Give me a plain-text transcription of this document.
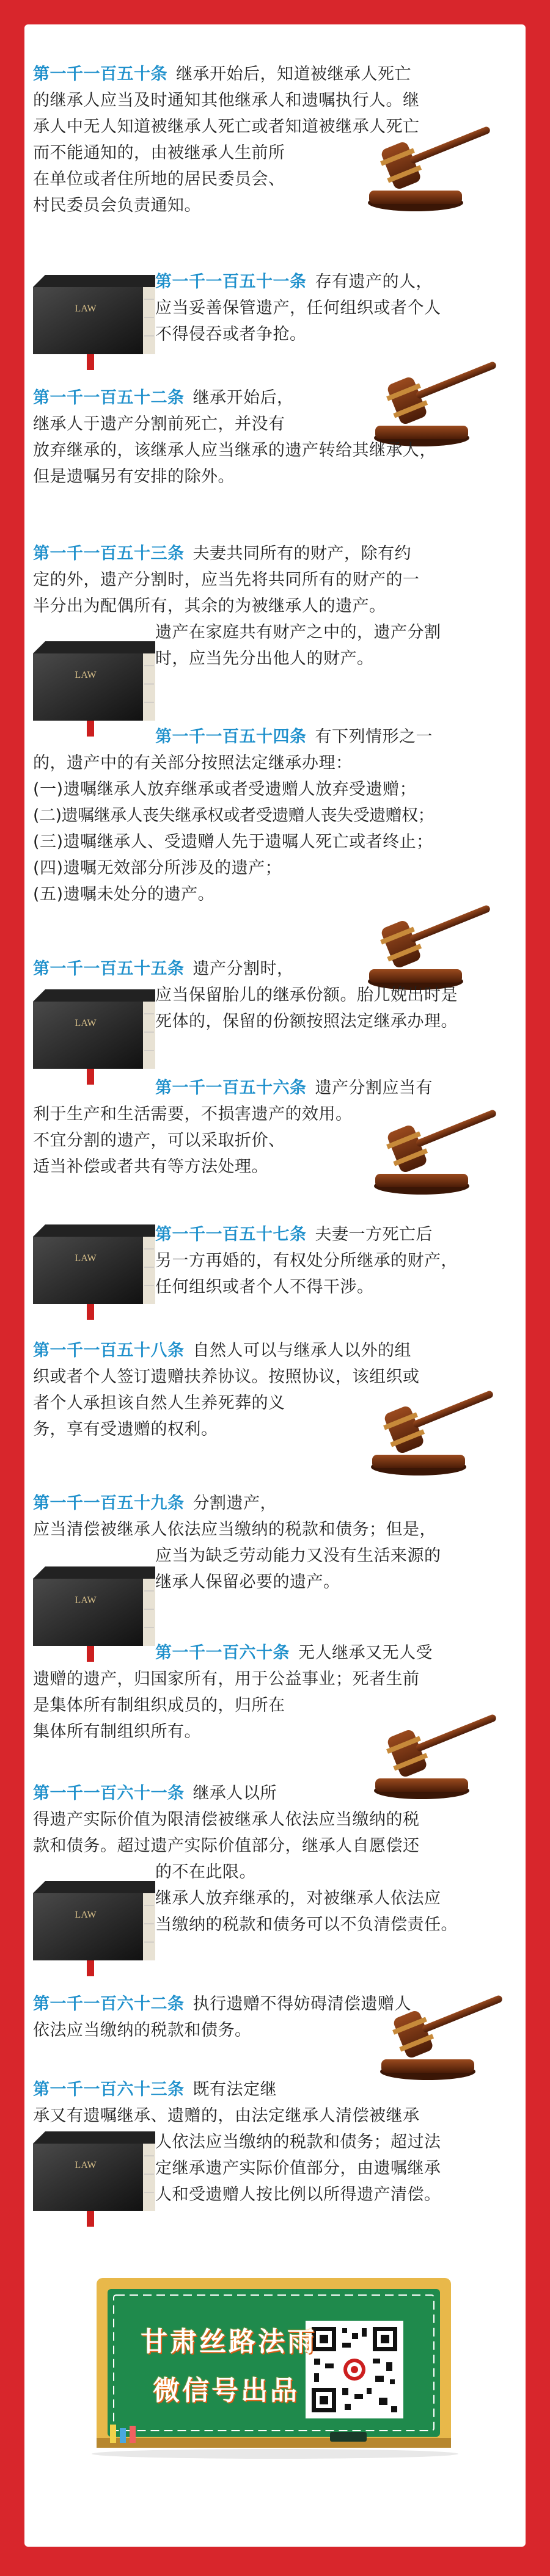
LAW
LAW
LAW
LAW
LAW
LAW
LAW

第一千一百五十条 继承开始后，知道被继承人死亡

的继承人应当及时通知其他继承人和遗嘱执行人。继

承人中无人知道被继承人死亡或者知道被继承人死亡

而不能通知的，由被继承人生前所

在单位或者住所地的居民委员会、

村民委员会负责通知。

第一千一百五十一条 存有遗产的人，

应当妥善保管遗产，任何组织或者个人

不得侵吞或者争抢。

第一千一百五十二条 继承开始后，

继承人于遗产分割前死亡，并没有

放弃继承的，该继承人应当继承的遗产转给其继承人，

但是遗嘱另有安排的除外。

第一千一百五十三条 夫妻共同所有的财产，除有约

定的外，遗产分割时，应当先将共同所有的财产的一

半分出为配偶所有，其余的为被继承人的遗产。

遗产在家庭共有财产之中的，遗产分割

时，应当先分出他人的财产。

第一千一百五十四条 有下列情形之一

的，遗产中的有关部分按照法定继承办理：

(一)遗嘱继承人放弃继承或者受遗赠人放弃受遗赠；

(二)遗嘱继承人丧失继承权或者受遗赠人丧失受遗赠权；

(三)遗嘱继承人、受遗赠人先于遗嘱人死亡或者终止；

(四)遗嘱无效部分所涉及的遗产；

(五)遗嘱未处分的遗产。

第一千一百五十五条 遗产分割时，

应当保留胎儿的继承份额。胎儿娩出时是

死体的，保留的份额按照法定继承办理。

第一千一百五十六条 遗产分割应当有

利于生产和生活需要，不损害遗产的效用。

不宜分割的遗产，可以采取折价、

适当补偿或者共有等方法处理。

第一千一百五十七条 夫妻一方死亡后

另一方再婚的，有权处分所继承的财产，

任何组织或者个人不得干涉。

第一千一百五十八条 自然人可以与继承人以外的组

织或者个人签订遗赠扶养协议。按照协议，该组织或

者个人承担该自然人生养死葬的义

务，享有受遗赠的权利。

第一千一百五十九条 分割遗产，

应当清偿被继承人依法应当缴纳的税款和债务；但是，

应当为缺乏劳动能力又没有生活来源的

继承人保留必要的遗产。

第一千一百六十条 无人继承又无人受

遗赠的遗产，归国家所有，用于公益事业；死者生前

是集体所有制组织成员的，归所在

集体所有制组织所有。

第一千一百六十一条 继承人以所

得遗产实际价值为限清偿被继承人依法应当缴纳的税

款和债务。超过遗产实际价值部分，继承人自愿偿还

的不在此限。

继承人放弃继承的，对被继承人依法应

当缴纳的税款和债务可以不负清偿责任。

第一千一百六十二条 执行遗赠不得妨碍清偿遗赠人

依法应当缴纳的税款和债务。

第一千一百六十三条 既有法定继

承又有遗嘱继承、遗赠的，由法定继承人清偿被继承

人依法应当缴纳的税款和债务；超过法

定继承遗产实际价值部分，由遗嘱继承

人和受遗赠人按比例以所得遗产清偿。

甘肃丝路法雨
微信号出品
